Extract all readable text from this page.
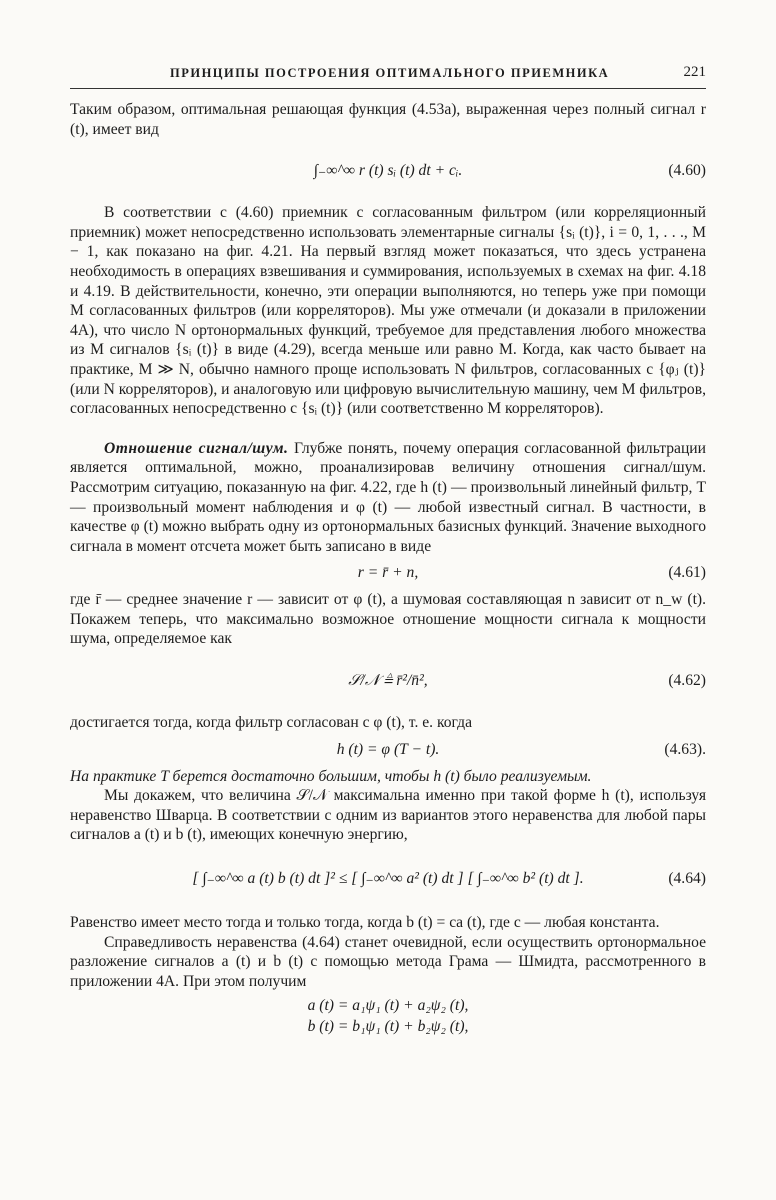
ПРИНЦИПЫ ПОСТРОЕНИЯ ОПТИМАЛЬНОГО ПРИЕМНИКА	221

Таким образом, оптимальная решающая функция (4.53а), выраженная через полный сигнал r (t), имеет вид

∫₋∞^∞ r (t) sᵢ (t) dt + cᵢ.	(4.60)

В соответствии с (4.60) приемник с согласованным фильтром (или корреляционный приемник) может непосредственно использовать элементарные сигналы {sᵢ (t)}, i = 0, 1, . . ., M − 1, как показано на фиг. 4.21. На первый взгляд может показаться, что здесь устранена необходимость в операциях взвешивания и суммирования, используемых в схемах на фиг. 4.18 и 4.19. В действительности, конечно, эти операции выполняются, но теперь уже при помощи M согласованных фильтров (или корреляторов). Мы уже отмечали (и доказали в приложении 4А), что число N ортонормальных функций, требуемое для представления любого множества из M сигналов {sᵢ (t)} в виде (4.29), всегда меньше или равно M. Когда, как часто бывает на практике, M ≫ N, обычно намного проще использовать N фильтров, согласованных с {φⱼ (t)} (или N корреляторов), и аналоговую или цифровую вычислительную машину, чем M фильтров, согласованных непосредственно с {sᵢ (t)} (или соответственно M корреляторов).

Отношение сигнал/шум. Глубже понять, почему операция согласованной фильтрации является оптимальной, можно, проанализировав величину отношения сигнал/шум. Рассмотрим ситуацию, показанную на фиг. 4.22, где h (t) — произвольный линейный фильтр, T — произвольный момент наблюдения и φ (t) — любой известный сигнал. В частности, в качестве φ (t) можно выбрать одну из ортонормальных базисных функций. Значение выходного сигнала в момент отсчета может быть записано в виде

r = r̄ + n,	(4.61)

где r̄ — среднее значение r — зависит от φ (t), а шумовая составляющая n зависит от n_w (t). Покажем теперь, что максимально возможное отношение мощности сигнала к мощности шума, определяемое как

𝒮/𝒩 ≜ r̄²/n̄²,	(4.62)

достигается тогда, когда фильтр согласован с φ (t), т. е. когда

h (t) = φ (T − t).	(4.63).

На практике T берется достаточно большим, чтобы h (t) было реализуемым.

Мы докажем, что величина 𝒮/𝒩 максимальна именно при такой форме h (t), используя неравенство Шварца. В соответствии с одним из вариантов этого неравенства для любой пары сигналов a (t) и b (t), имеющих конечную энергию,

[ ∫₋∞^∞ a (t) b (t) dt ]² ≤ [ ∫₋∞^∞ a² (t) dt ] [ ∫₋∞^∞ b² (t) dt ].	(4.64)

Равенство имеет место тогда и только тогда, когда b (t) = ca (t), где c — любая константа.

Справедливость неравенства (4.64) станет очевидной, если осуществить ортонормальное разложение сигналов a (t) и b (t) с помощью метода Грама — Шмидта, рассмотренного в приложении 4А. При этом получим

a (t) = a₁ψ₁ (t) + a₂ψ₂ (t),
b (t) = b₁ψ₁ (t) + b₂ψ₂ (t),
